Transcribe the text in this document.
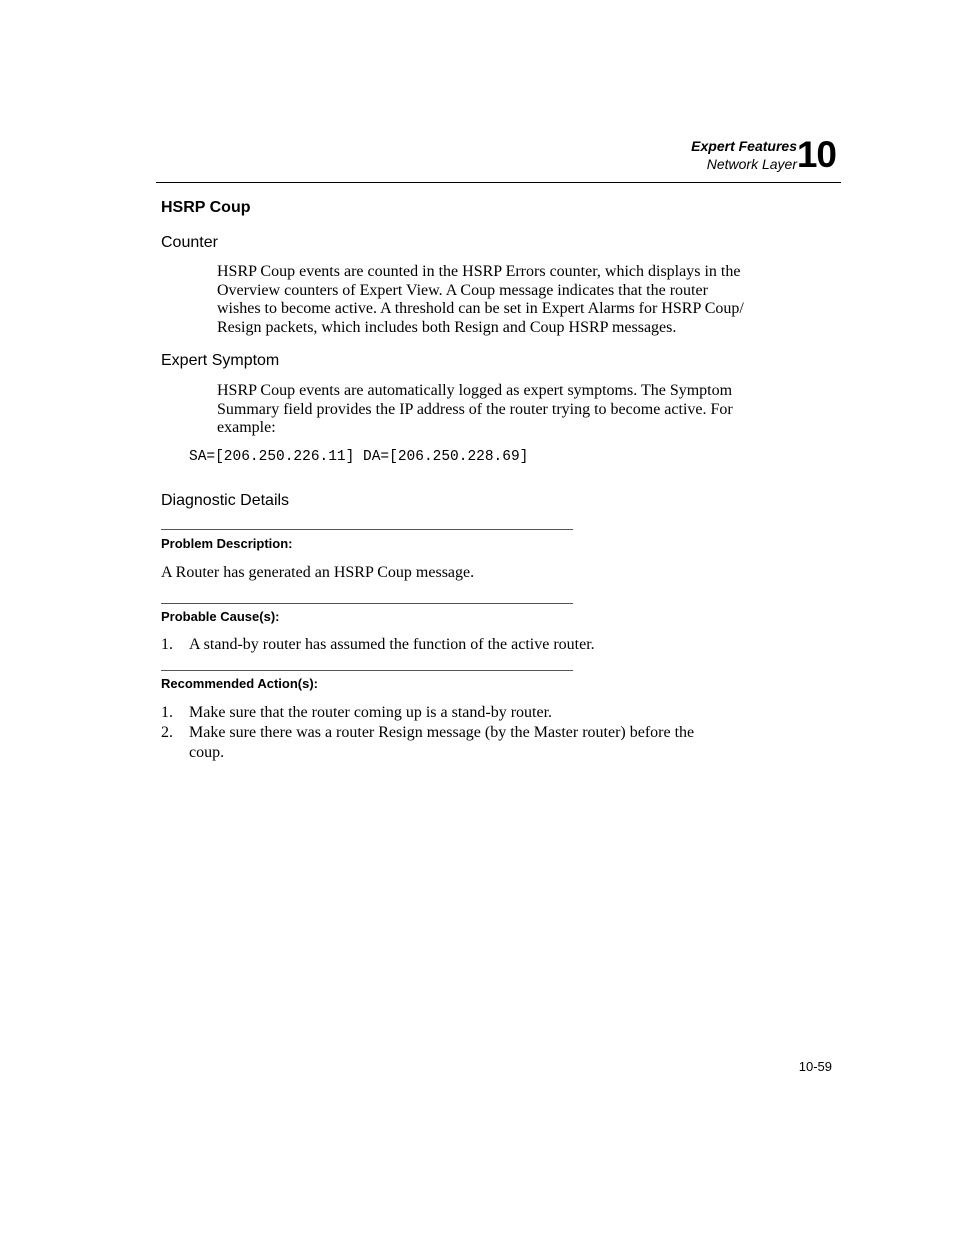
Expert Features
Network Layer 10
HSRP Coup
Counter
HSRP Coup events are counted in the HSRP Errors counter, which displays in the
Overview counters of Expert View. A Coup message indicates that the router
wishes to become active. A threshold can be set in Expert Alarms for HSRP Coup/
Resign packets, which includes both Resign and Coup HSRP messages.
Expert Symptom
HSRP Coup events are automatically logged as expert symptoms. The Symptom
Summary field provides the IP address of the router trying to become active. For
example:
SA=[206.250.226.11] DA=[206.250.228.69]
Diagnostic Details
Problem Description:
A Router has generated an HSRP Coup message.
Probable Cause(s):
1. A stand-by router has assumed the function of the active router.
Recommended Action(s):
1. Make sure that the router coming up is a stand-by router.
2. Make sure there was a router Resign message (by the Master router) before the coup.
10-59
